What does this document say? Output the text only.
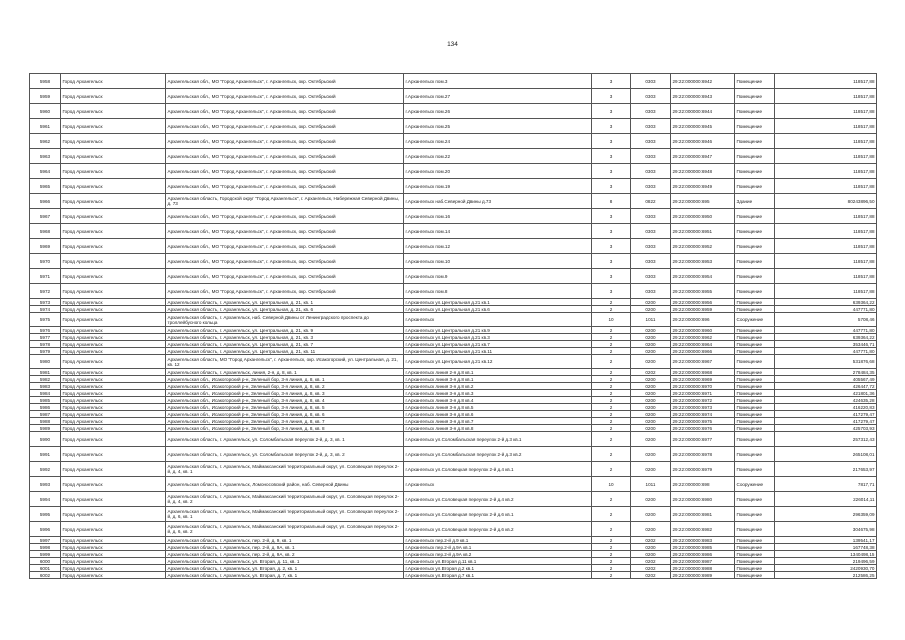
134
5958	Город Архангельск	Архангельская обл., МО "Город Архангельск", г. Архангельск, окр. Октябрьский	г.Архангельск пом.3	3	0303	29:22:000000:6942	Помещение	118517,88
5959	Город Архангельск	Архангельская обл., МО "Город Архангельск", г. Архангельск, окр. Октябрьский	г.Архангельск пом.27	3	0303	29:22:000000:6943	Помещение	118517,88
5960	Город Архангельск	Архангельская обл., МО "Город Архангельск", г. Архангельск, окр. Октябрьский	г.Архангельск пом.26	3	0303	29:22:000000:6944	Помещение	118517,88
5961	Город Архангельск	Архангельская обл., МО "Город Архангельск", г. Архангельск, окр. Октябрьский	г.Архангельск пом.25	3	0303	29:22:000000:6945	Помещение	118517,88
5962	Город Архангельск	Архангельская обл., МО "Город Архангельск", г. Архангельск, окр. Октябрьский	г.Архангельск пом.24	3	0303	29:22:000000:6946	Помещение	118517,88
5963	Город Архангельск	Архангельская обл., МО "Город Архангельск", г. Архангельск, окр. Октябрьский	г.Архангельск пом.22	3	0303	29:22:000000:6947	Помещение	118517,88
5964	Город Архангельск	Архангельская обл., МО "Город Архангельск", г. Архангельск, окр. Октябрьский	г.Архангельск пом.20	3	0303	29:22:000000:6948	Помещение	118517,88
5965	Город Архангельск	Архангельская обл., МО "Город Архангельск", г. Архангельск, окр. Октябрьский	г.Архангельск пом.19	3	0303	29:22:000000:6949	Помещение	118517,88
5966	Город Архангельск	Архангельская область, Городской округ "Город Архангельск", г. Архангельск, Набережная Северной Двины, д. 73	г.Архангельск наб.Северной Двины д.73	8	0822	29:22:000000:695	Здание	80243896,50
5967	Город Архангельск	Архангельская обл., МО "Город Архангельск", г. Архангельск, окр. Октябрьский	г.Архангельск пом.16	3	0303	29:22:000000:6950	Помещение	118517,88
5968	Город Архангельск	Архангельская обл., МО "Город Архангельск", г. Архангельск, окр. Октябрьский	г.Архангельск пом.14	3	0303	29:22:000000:6951	Помещение	118517,88
5969	Город Архангельск	Архангельская обл., МО "Город Архангельск", г. Архангельск, окр. Октябрьский	г.Архангельск пом.12	3	0303	29:22:000000:6952	Помещение	118517,88
5970	Город Архангельск	Архангельская обл., МО "Город Архангельск", г. Архангельск, окр. Октябрьский	г.Архангельск пом.10	3	0303	29:22:000000:6953	Помещение	118517,88
5971	Город Архангельск	Архангельская обл., МО "Город Архангельск", г. Архангельск, окр. Октябрьский	г.Архангельск пом.9	3	0303	29:22:000000:6954	Помещение	118517,88
5972	Город Архангельск	Архангельская обл., МО "Город Архангельск", г. Архангельск, окр. Октябрьский	г.Архангельск пом.8	3	0303	29:22:000000:6955	Помещение	118517,88
5973	Город Архангельск	Архангельская область, г. Архангельск, ул. Центральная, д. 21, кв. 1	г.Архангельск ул.Центральная д.21 кв.1	2	0200	29:22:000000:6956	Помещение	639364,22
5974	Город Архангельск	Архангельская область, г. Архангельск, ул. Центральная, д. 21, кв. 6	г.Архангельск ул.Центральная д.21 кв.6	2	0200	29:22:000000:6959	Помещение	447771,80
5975	Город Архангельск	Архангельская область, г. Архангельск, наб. Северной Двины от Ленинградского проспекта до троллейбусного кольца	г.Архангельск	10	1011	29:22:000000:696	Сооружение	5708,46
5976	Город Архангельск	Архангельская область, г. Архангельск, ул. Центральная, д. 21, кв. 9	г.Архангельск ул.Центральная д.21 кв.9	2	0200	29:22:000000:6960	Помещение	447771,80
5977	Город Архангельск	Архангельская область, г. Архангельск, ул. Центральная, д. 21, кв. 3	г.Архангельск ул.Центральная д.21 кв.3	2	0200	29:22:000000:6962	Помещение	639364,22
5978	Город Архангельск	Архангельская область, г. Архангельск, ул. Центральная, д. 21, кв. 7	г.Архангельск ул.Центральная д.21 кв.7	2	0200	29:22:000000:6964	Помещение	353446,71
5979	Город Архангельск	Архангельская область, г. Архангельск, ул. Центральная, д. 21, кв. 11	г.Архангельск ул.Центральная д.21 кв.11	2	0200	29:22:000000:6966	Помещение	447771,80
5980	Город Архангельск	Архангельская область, МО "Город Архангельск", г. Архангельск, окр. Исакогорский, ул. Центральная, д. 21, кв. 12	г.Архангельск ул.Центральная д.21 кв.12	2	0200	29:22:000000:6967	Помещение	531876,68
5981	Город Архангельск	Архангельская область, г. Архангельск, линия, 2-я, д. 8, кв. 1	г.Архангельск линия 2-я д.8 кв.1	2	0202	29:22:000000:6968	Помещение	278484,35
5982	Город Архангельск	Архангельская обл., Исакогорский р-н, Зеленый бор, 3-я линия, д. 8, кв. 1	г.Архангельск линия 3-я д.8 кв.1	2	0200	29:22:000000:6969	Помещение	405567,49
5983	Город Архангельск	Архангельская обл., Исакогорский р-н, Зеленый бор, 3-я линия, д. 8, кв. 2	г.Архангельск линия 3-я д.8 кв.2	2	0200	29:22:000000:6970	Помещение	426447,72
5984	Город Архангельск	Архангельская обл., Исакогорский р-н, Зеленый бор, 3-я линия, д. 8, кв. 3	г.Архангельск линия 3-я д.8 кв.3	2	0200	29:22:000000:6971	Помещение	421801,36
5985	Город Архангельск	Архангельская обл., Исакогорский р-н, Зеленый бор, 3-я линия, д. 8, кв. 4	г.Архангельск линия 3-я д.8 кв.4	2	0200	29:22:000000:6972	Помещение	424635,28
5986	Город Архангельск	Архангельская обл., Исакогорский р-н, Зеленый бор, 3-я линия, д. 8, кв. 5	г.Архангельск линия 3-я д.8 кв.5	2	0200	29:22:000000:6973	Помещение	416220,83
5987	Город Архангельск	Архангельская обл., Исакогорский р-н, Зеленый бор, 3-я линия, д. 8, кв. 6	г.Архангельск линия 3-я д.8 кв.6	2	0200	29:22:000000:6974	Помещение	417279,47
5988	Город Архангельск	Архангельская обл., Исакогорский р-н, Зеленый бор, 3-я линия, д. 8, кв. 7	г.Архангельск линия 3-я д.8 кв.7	2	0200	29:22:000000:6975	Помещение	417279,47
5989	Город Архангельск	Архангельская обл., Исакогорский р-н, Зеленый бор, 3-я линия, д. 8, кв. 8	г.Архангельск линия 3-я д.8 кв.8	2	0200	29:22:000000:6976	Помещение	425703,93
5990	Город Архангельск	Архангельская область, г. Архангельск, ул. Соломбальская переулок 2-й, д. 3, кв. 1	г.Архангельск ул.Соломбальская переулок 2-й д.3 кв.1	2	0200	29:22:000000:6977	Помещение	257312,43
5991	Город Архангельск	Архангельская область, г. Архангельск, ул. Соломбальская переулок 2-й, д. 3, кв. 2	г.Архангельск ул.Соломбальская переулок 2-й д.3 кв.2	2	0200	29:22:000000:6978	Помещение	265108,01
5992	Город Архангельск	Архангельская область, г. Архангельск, Маймаксанский территориальный округ, ул. Соловецкая переулок 2-й, д. 4, кв. 1	г.Архангельск ул.Соловецкая переулок 2-й д.4 кв.1	2	0200	29:22:000000:6979	Помещение	217653,97
5993	Город Архангельск	Архангельская область, г. Архангельск, Ломоносовский район, наб. Северной Двины	г.Архангельск	10	1011	29:22:000000:698	Сооружение	7817,71
5994	Город Архангельск	Архангельская область, г. Архангельск, Маймаксанский территориальный округ, ул. Соловецкая переулок 2-й, д. 4, кв. 2	г.Архангельск ул.Соловецкая переулок 2-й д.4 кв.2	2	0200	29:22:000000:6980	Помещение	226014,11
5995	Город Архангельск	Архангельская область, г. Архангельск, Маймаксанский территориальный округ, ул. Соловецкая переулок 2-й, д. 6, кв. 1	г.Архангельск ул.Соловецкая переулок 2-й д.6 кв.1	2	0200	29:22:000000:6981	Помещение	296359,09
5996	Город Архангельск	Архангельская область, г. Архангельск, Маймаксанский территориальный округ, ул. Соловецкая переулок 2-й, д. 6, кв. 2	г.Архангельск ул.Соловецкая переулок 2-й д.6 кв.2	2	0200	29:22:000000:6982	Помещение	304675,98
5997	Город Архангельск	Архангельская область, г. Архангельск, пер. 2-й, д. 9, кв. 1	г.Архангельск пер.2-й д.9 кв.1	2	0202	29:22:000000:6983	Помещение	139541,17
5998	Город Архангельск	Архангельская область, г. Архангельск, пер. 2-й, д. 9А, кв. 1	г.Архангельск пер.2-й д.9А кв.1	2	0200	29:22:000000:6985	Помещение	167748,38
5999	Город Архангельск	Архангельская область, г. Архангельск, пер. 2-й, д. 9А, кв. 2	г.Архангельск пер.2-й д.9А кв.2	2	0200	29:22:000000:6986	Помещение	1340498,15
6000	Город Архангельск	Архангельская область, г. Архангельск, ул. Вторая, д. 11, кв. 1	г.Архангельск ул.Вторая д.11 кв.1	2	0202	29:22:000000:6987	Помещение	219496,59
6001	Город Архангельск	Архангельская область, г. Архангельск, ул. Вторая, д. 2, кв. 1	г.Архангельск ул.Вторая д.2 кв.1	2	0202	29:22:000000:6988	Помещение	2420930,70
6002	Город Архангельск	Архангельская область, г. Архангельск, ул. Вторая, д. 7, кв. 1	г.Архангельск ул.Вторая д.7 кв.1	2	0202	29:22:000000:6989	Помещение	212586,25
